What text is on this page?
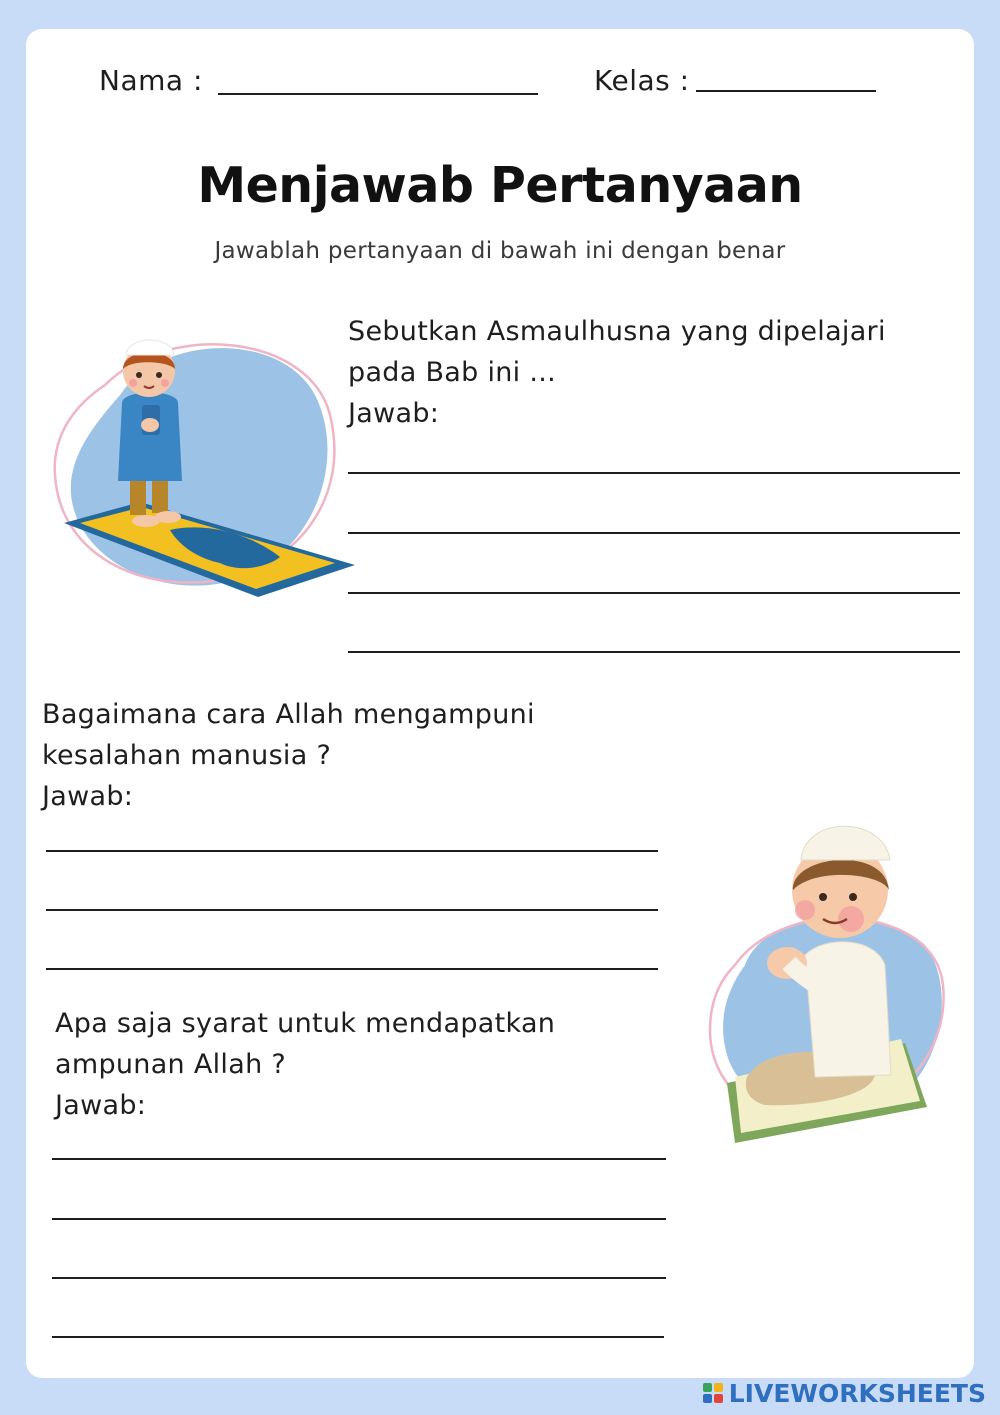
Nama :	Kelas :
Menjawab Pertanyaan
Jawablah pertanyaan di bawah ini dengan benar
Sebutkan Asmaulhusna yang dipelajari
pada Bab ini ...
Jawab:
Bagaimana cara Allah mengampuni
kesalahan manusia ?
Jawab:
Apa saja syarat untuk mendapatkan
ampunan Allah ?
Jawab:
LIVEWORKSHEETS
